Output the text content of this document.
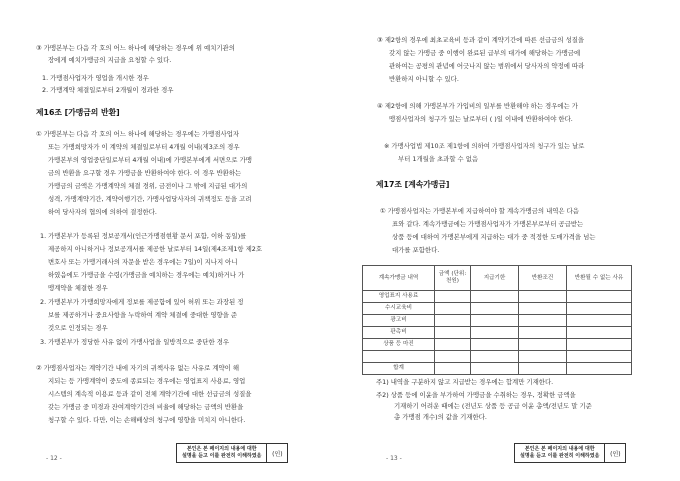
③ 가맹본부는 다음 각 호의 어느 하나에 해당하는 경우에 위 예치기관의
장에게 예치가맹금의 지급을 요청할 수 있다.
1. 가맹점사업자가 영업을 개시한 경우
2. 가맹계약 체결일로부터 2개월이 경과한 경우
제16조 [가맹금의 반환]
① 가맹본부는 다음 각 호의 어느 하나에 해당하는 경우에는 가맹점사업자
또는 가맹희망자가 이 계약의 체결일로부터 4개월 이내(제3조의 경우
가맹본부의 영업중단일로부터 4개월 이내)에 가맹본부에게 서면으로 가맹
금의 반환을 요구할 경우 가맹금을 반환하여야 한다. 이 경우 반환하는
가맹금의 금액은 가맹계약의 체결 경위, 금전이나 그 밖에 지급된 대가의
성격, 가맹계약기간, 계약이행기간, 가맹사업당사자의 귀책정도 등을 고려
하여 당사자의 협의에 의하여 결정한다.
1. 가맹본부가 등록된 정보공개서(인근가맹점현황 문서 포함, 이하 동일)를
제공하지 아니하거나 정보공개서를 제공한 날로부터 14일(제4조제1항 제2호
변호사 또는 가맹거래사의 자문을 받은 경우에는 7일)이 지나지 아니
하였음에도 가맹금을 수령(가맹금을 예치하는 경우에는 예치)하거나 가
맹계약을 체결한 경우
2. 가맹본부가 가맹희망자에게 정보를 제공함에 있어 허위 또는 과장된 정
보를 제공하거나 중요사항을 누락하여 계약 체결에 중대한 영향을 준
것으로 인정되는 경우
3. 가맹본부가 정당한 사유 없이 가맹사업을 일방적으로 중단한 경우
② 가맹점사업자는 계약기간 내에 자기의 귀책사유 없는 사유로 계약이 해
지되는 등 가맹계약이 중도에 종료되는 경우에는 영업표지 사용료, 영업
시스템의 계속적 이용료 등과 같이 전체 계약기간에 대한 선급금의 성질을
갖는 가맹금 중 미경과 잔여계약기간의 비율에 해당하는 금액의 반환을
청구할 수 있다. 다만, 이는 손해배상의 청구에 영향을 미치지 아니한다.
- 12 -
본인은 본 페이지의 내용에 대한
설명을 듣고 이를 완전히 이해하였음	(인)
③ 제2항의 경우에 최초교육비 등과 같이 계약기간에 따른 선급금의 성질을
갖지 않는 가맹금 중 이행이 완료된 급부의 대가에 해당하는 가맹금에
관하여는 공평의 관념에 어긋나지 않는 범위에서 당사자의 약정에 따라
반환하지 아니할 수 있다.
④ 제2항에 의해 가맹본부가 가입비의 일부를 반환해야 하는 경우에는 가
맹점사업자의 청구가 있는 날로부터 ( )일 이내에 반환하여야 한다.
※ 가맹사업법 제10조 제1항에 의하여 가맹점사업자의 청구가 있는 날로
부터 1개월을 초과할 수 없음
제17조 [계속가맹금]
① 가맹점사업자는 가맹본부에 지급하여야 할 계속가맹금의 내역은 다음
표와 같다. 계속가맹금에는 가맹점사업자가 가맹본부로부터 공급받는
상품 등에 대하여 가맹본부에게 지급하는 대가 중 적정한 도매가격을 넘는
대가를 포함한다.
계속가맹금 내역	금액 (단위: 천원)	지급기한	반환조건	반환될 수 없는 사유
영업표지 사용료				
수시교육비				
광고비				
판촉비				
상품 등 마진				

합계				
주1) 내역을 구분하지 않고 지급받는 경우에는 합계만 기재한다.
주2) 상품 등에 이윤을 부가하여 가맹금을 수취하는 경우, 정확한 금액을
기재하기 어려운 때에는 (전년도 상품 등 공급 이윤 총액/전년도 말 기준
총 가맹점 개수)의 값을 기재한다.
- 13 -
본인은 본 페이지의 내용에 대한
설명을 듣고 이를 완전히 이해하였음	(인)
